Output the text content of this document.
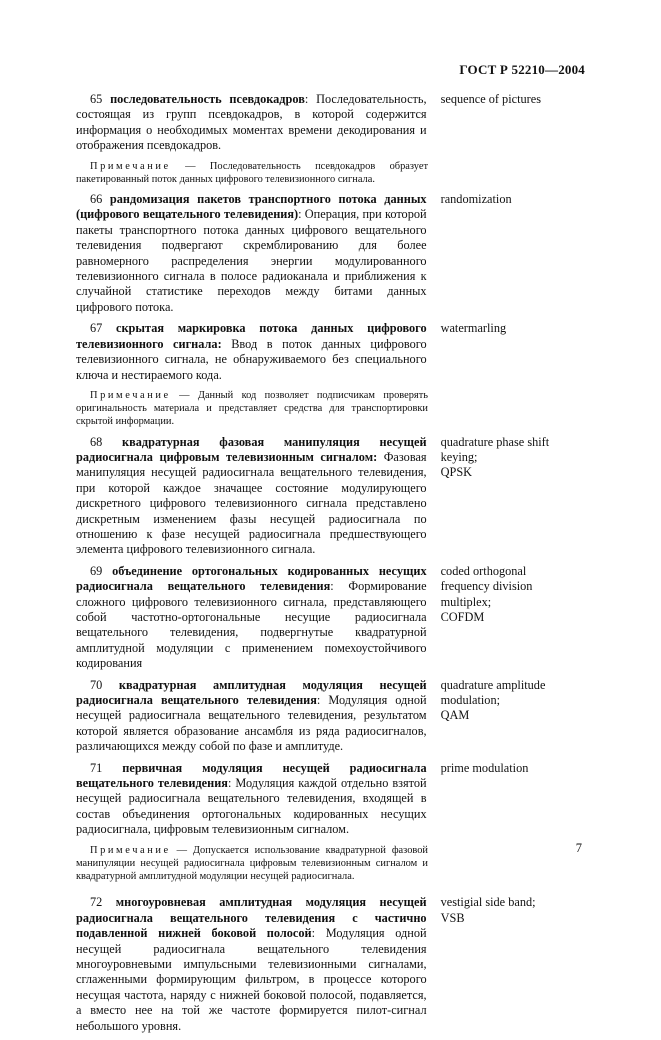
ГОСТ Р 52210—2004

65 последовательность псевдокадров: Последовательность, состоящая из групп псевдокадров, в которой содержится информация о необходимых моментах времени декодирования и отображения псевдокадров.

sequence of pictures

Примечание — Последовательность псевдокадров образует пакетированный поток данных цифрового телевизионного сигнала.

66 рандомизация пакетов транспортного потока данных (цифрового вещательного телевидения): Операция, при которой пакеты транспортного потока данных цифрового вещательного телевидения подвергают скремблированию для более равномерного распределения энергии модулированного телевизионного сигнала в полосе радиоканала и приближения к случайной статистике переходов между битами данных цифрового потока.

randomization

67 скрытая маркировка потока данных цифрового телевизионного сигнала: Ввод в поток данных цифрового телевизионного сигнала, не обнаруживаемого без специального ключа и нестираемого кода.

watermarling

Примечание — Данный код позволяет подписчикам проверять оригинальность материала и представляет средства для транспортировки скрытой информации.

68 квадратурная фазовая манипуляция несущей радиосигнала цифровым телевизионным сигналом: Фазовая манипуляция несущей радиосигнала вещательного телевидения, при которой каждое значащее состояние модулирующего дискретного цифрового телевизионного сигнала представлено дискретным изменением фазы несущей радиосигнала по отношению к фазе несущей радиосигнала предшествующего элемента цифрового телевизионного сигнала.

quadrature phase shift
keying;
QPSK

69 объединение ортогональных кодированных несущих радиосигнала вещательного телевидения: Формирование сложного цифрового телевизионного сигнала, представляющего собой частотно-ортогональные несущие радиосигнала вещательного телевидения, подвергнутые квадратурной амплитудной модуляции с применением помехоустойчивого кодирования

coded orthogonal
frequency division
multiplex;
COFDM

70 квадратурная амплитудная модуляция несущей радиосигнала вещательного телевидения: Модуляция одной несущей радиосигнала вещательного телевидения, результатом которой является образование ансамбля из ряда радиосигналов, различающихся между собой по фазе и амплитуде.

quadrature amplitude
modulation;
QAM

71 первичная модуляция несущей радиосигнала вещательного телевидения: Модуляция каждой отдельно взятой несущей радиосигнала вещательного телевидения, входящей в состав объединения ортогональных кодированных несущих радиосигнала, цифровым телевизионным сигналом.

prime modulation

Примечание — Допускается использование квадратурной фазовой манипуляции несущей радиосигнала цифровым телевизионным сигналом и квадратурной амплитудной модуляции несущей радиосигнала.

72 многоуровневая амплитудная модуляция несущей радиосигнала вещательного телевидения с частично подавленной нижней боковой полосой: Модуляция одной несущей радиосигнала вещательного телевидения многоуровневыми импульсными телевизионными сигналами, сглаженными формирующим фильтром, в процессе которого несущая частота, наряду с нижней боковой полосой, подавляется, а вместо нее на той же частоте формируется пилот-сигнал небольшого уровня.

vestigial side band;
VSB
7
